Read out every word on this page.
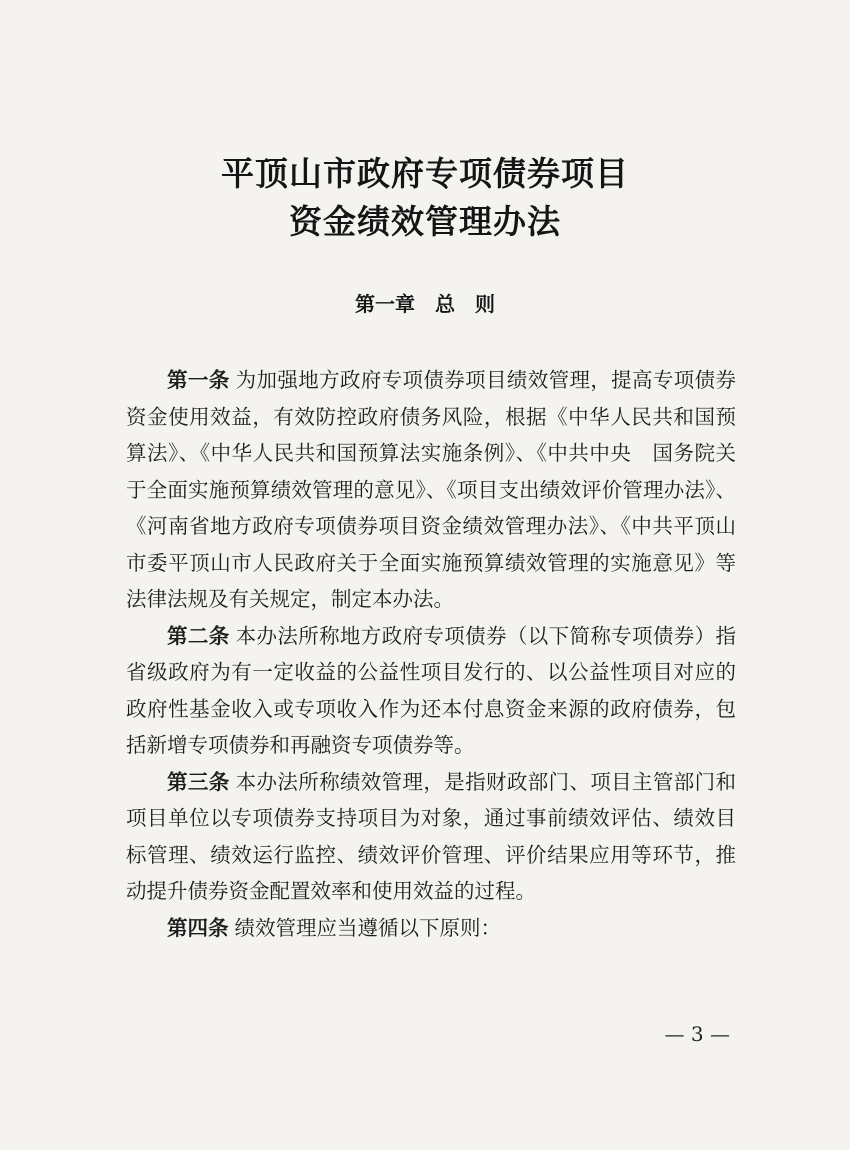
平顶山市政府专项债券项目
资金绩效管理办法
第一章　总　则

第一条 为加强地方政府专项债券项目绩效管理，提高专项债券资金使用效益，有效防控政府债务风险，根据《中华人民共和国预算法》、《中华人民共和国预算法实施条例》、《中共中央　国务院关于全面实施预算绩效管理的意见》、《项目支出绩效评价管理办法》、《河南省地方政府专项债券项目资金绩效管理办法》、《中共平顶山市委平顶山市人民政府关于全面实施预算绩效管理的实施意见》等法律法规及有关规定，制定本办法。

第二条 本办法所称地方政府专项债券（以下简称专项债券）指省级政府为有一定收益的公益性项目发行的、以公益性项目对应的政府性基金收入或专项收入作为还本付息资金来源的政府债券，包括新增专项债券和再融资专项债券等。

第三条 本办法所称绩效管理，是指财政部门、项目主管部门和项目单位以专项债券支持项目为对象，通过事前绩效评估、绩效目标管理、绩效运行监控、绩效评价管理、评价结果应用等环节，推动提升债券资金配置效率和使用效益的过程。

第四条 绩效管理应当遵循以下原则：

— 3 —
